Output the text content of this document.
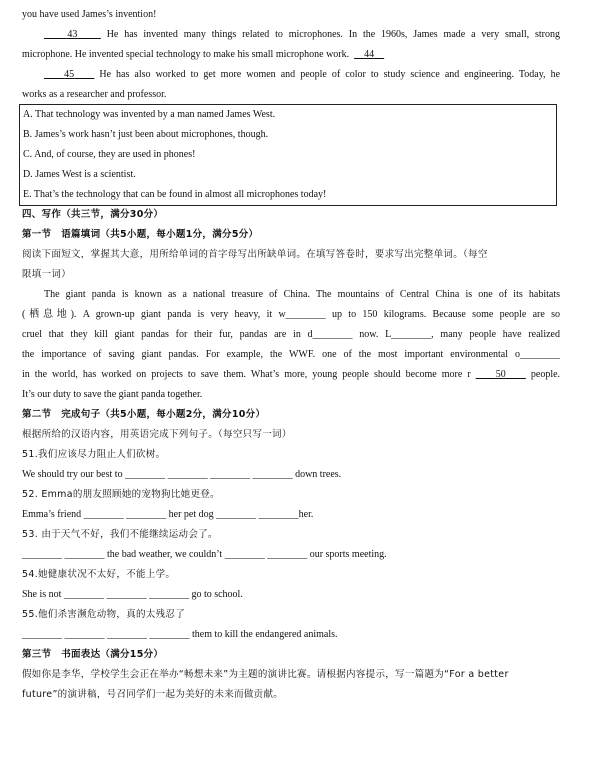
you have used James’s invention!
43	He has invented many things related to microphones. In the 1960s, James made a very small, strong
microphone. He invented special technology to make his small microphone work. 44
45	He has also worked to get more women and people of color to study science and engineering. Today, he
works as a researcher and professor.
A. That technology was invented by a man named James West.
B. James’s work hasn’t just been about microphones, though.
C. And, of course, they are used in phones!
D. James West is a scientist.
E. That’s the technology that can be found in almost all microphones today!
四、写作（共三节，满分30分）
第一节　语篇填词（共5小题，每小题1分，满分5分）
阅读下面短文，掌握其大意，用所给单词的首字母写出所缺单词。在填写答卷时，要求写出完整单词。（每空
限填一词）
The giant panda is known as a national treasure of China. The mountains of Central China is one of its habitats
(栖息地). A grown-up giant panda is very heavy, it w________ up to 150 kilograms. Because some people are so
cruel that they kill giant pandas for their fur, pandas are in d________ now. L________, many people have realized
the importance of saving giant pandas. For example, the WWF. one of the most important environmental o________
in the world, has worked on projects to save them. What’s more, young people should become more r	50	people.
It’s our duty to save the giant panda together.
第二节　完成句子（共5小题，每小题2分，满分10分）
根据所给的汉语内容，用英语完成下列句子。（每空只写一词）
51.我们应该尽力阻止人们砍树。
We should try our best to ________ ________ ________ ________ down trees.
52. Emma的朋友照顾她的宠物狗比她更登。
Emma’s friend ________ ________ her pet dog ________ ________her.
53. 由于天气不好，我们不能继续运动会了。
________ ________ the bad weather, we couldn’t ________ ________ our sports meeting.
54.她健康状况不太好，不能上学。
She is not ________ ________ ________ go to school.
55.他们杀害濒危动物，真的太残忍了
________ ________ ________ ________ them to kill the endangered animals.
第三节　书面表达（满分15分）
假如你是李华，学校学生会正在举办“畅想未来”为主题的演讲比赛。请根据内容提示，写一篇题为“For a better
future”的演讲稿，号召同学们一起为美好的未来而做贡献。
